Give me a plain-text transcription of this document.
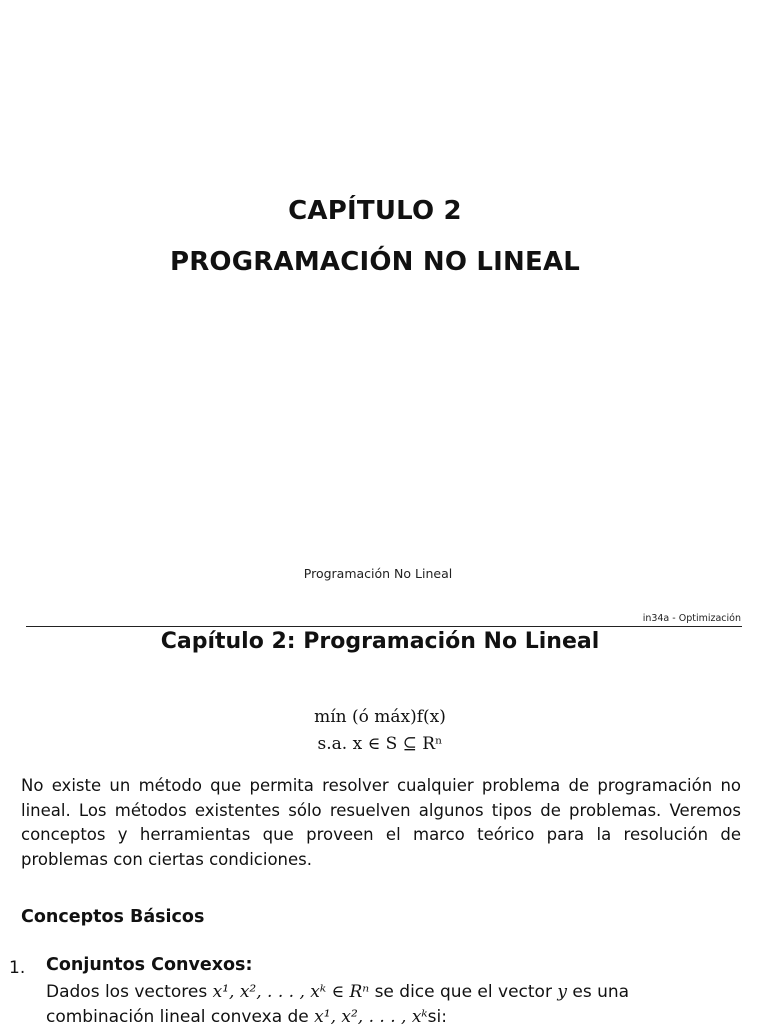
CAPÍTULO 2
PROGRAMACIÓN NO LINEAL
Programación No Lineal
in34a - Optimización
Capítulo 2: Programación No Lineal
mín (ó máx)f(x)
s.a. x ∈ S ⊆ Rⁿ
No existe un método que permita resolver cualquier problema de programación no lineal. Los métodos existentes sólo resuelven algunos tipos de problemas. Veremos conceptos y herramientas que proveen el marco teórico para la resolución de problemas con ciertas condiciones.
Conceptos Básicos
1. Conjuntos Convexos:
Dados los vectores x¹, x², . . . , xᵏ ∈ Rⁿ se dice que el vector y es una combinación lineal convexa de x¹, x², . . . , xᵏsi:
